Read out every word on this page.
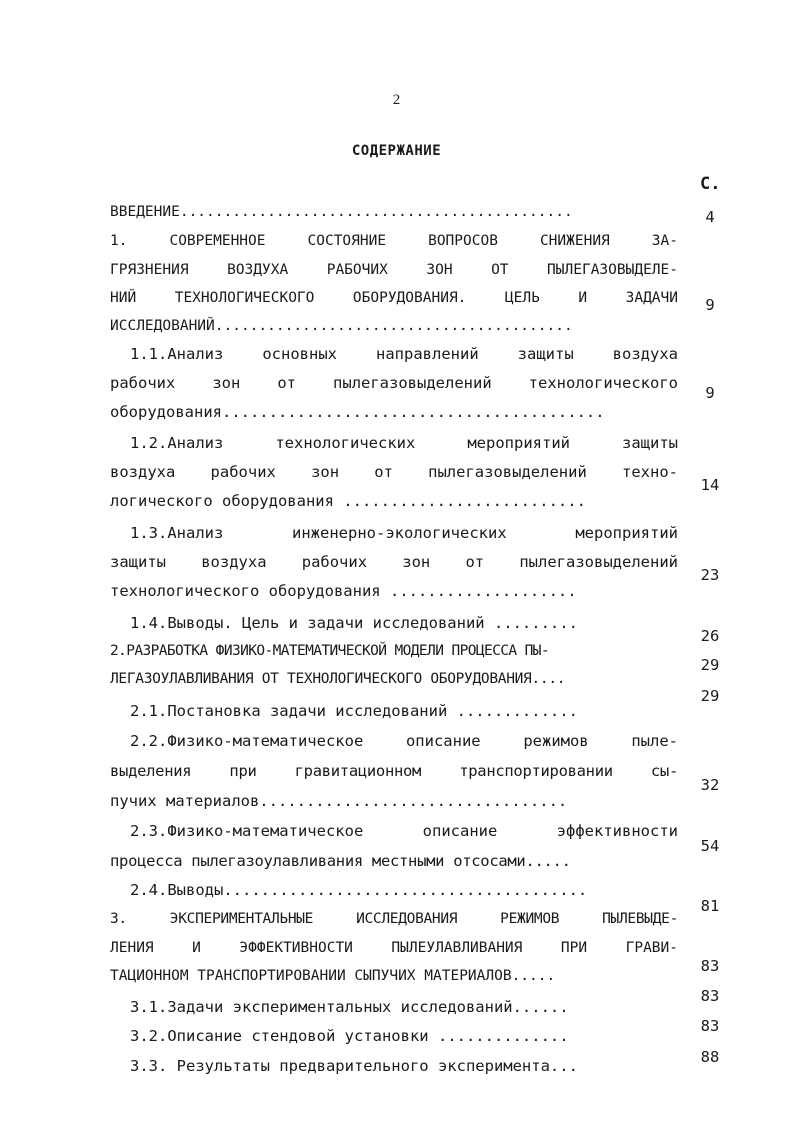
2
СОДЕРЖАНИЕ
С.
ВВЕДЕНИЕ.............................................
1. СОВРЕМЕННОЕ СОСТОЯНИЕ ВОПРОСОВ СНИЖЕНИЯ ЗА-
ГРЯЗНЕНИЯ ВОЗДУХА РАБОЧИХ ЗОН ОТ ПЫЛЕГАЗОВЫДЕЛЕ-
НИЙ ТЕХНОЛОГИЧЕСКОГО ОБОРУДОВАНИЯ. ЦЕЛЬ И ЗАДАЧИ
ИССЛЕДОВАНИЙ.........................................
1.1.Анализ основных направлений защиты воздуха
рабочих зон от пылегазовыделений технологического
оборудования.........................................
1.2.Анализ технологических мероприятий защиты
воздуха рабочих зон от пылегазовыделений техно-
логического оборудования ..........................
1.3.Анализ инженерно-экологических мероприятий
защиты воздуха рабочих зон от пылегазовыделений
технологического оборудования ....................
1.4.Выводы. Цель и задачи исследований .........
2.РАЗРАБОТКА ФИЗИКО-МАТЕМАТИЧЕСКОЙ МОДЕЛИ ПРОЦЕССА ПЫ-
ЛЕГАЗОУЛАВЛИВАНИЯ ОТ ТЕХНОЛОГИЧЕСКОГО ОБОРУДОВАНИЯ....
2.1.Постановка задачи исследований .............
2.2.Физико-математическое описание режимов пыле-
выделения при гравитационном транспортировании сы-
пучих материалов.................................
2.3.Физико-математическое описание эффективности
процесса пылегазоулавливания местными отсосами.....
2.4.Выводы.......................................
3. ЭКСПЕРИМЕНТАЛЬНЫЕ ИССЛЕДОВАНИЯ РЕЖИМОВ ПЫЛЕВЫДЕ-
ЛЕНИЯ И ЭФФЕКТИВНОСТИ ПЫЛЕУЛАВЛИВАНИЯ ПРИ ГРАВИ-
ТАЦИОННОМ ТРАНСПОРТИРОВАНИИ СЫПУЧИХ МАТЕРИАЛОВ.....
3.1.Задачи экспериментальных исследований......
3.2.Описание стендовой установки ..............
3.3. Результаты предварительного эксперимента...
4
9
9
14
23
26
29
29
32
54
81
83
83
83
88
